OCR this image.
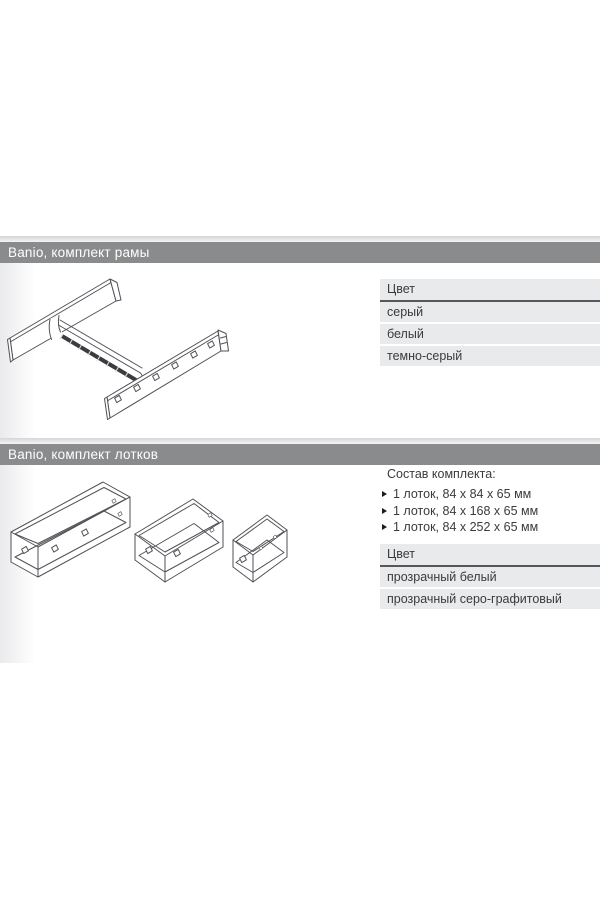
Banio, комплект рамы
Цвет
серый
белый
темно-серый
Banio, комплект лотков
Состав комплекта:
1 лоток, 84 x 84 x 65 мм
1 лоток, 84 x 168 x 65 мм
1 лоток, 84 x 252 x 65 мм
Цвет
прозрачный белый
прозрачный серо-графитовый
